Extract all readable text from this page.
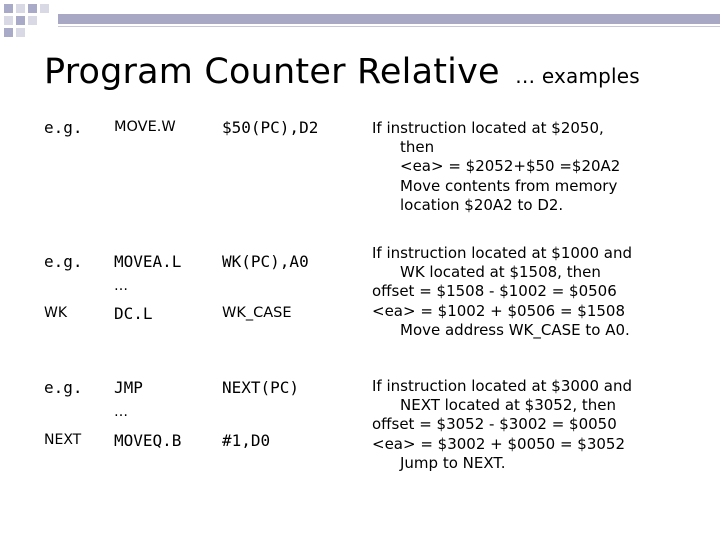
Program Counter Relative … examples
e.g. MOVE.W	$50(PC),D2	If instruction located at $2050,
then
<ea> = $2052+$50 =$20A2
Move contents from memory
location $20A2 to D2.
e.g. MOVEA.L	WK(PC),A0
…
WK	DC.L	WK_CASE
If instruction located at $1000 and
WK located at $1508, then
offset = $1508 - $1002 = $0506
<ea> = $1002 + $0506 = $1508
Move address WK_CASE to A0.
e.g. JMP	NEXT(PC)
…
NEXT MOVEQ.B	#1,D0
If instruction located at $3000 and
NEXT located at $3052, then
offset = $3052 - $3002 = $0050
<ea> = $3002 + $0050 = $3052
Jump to NEXT.
